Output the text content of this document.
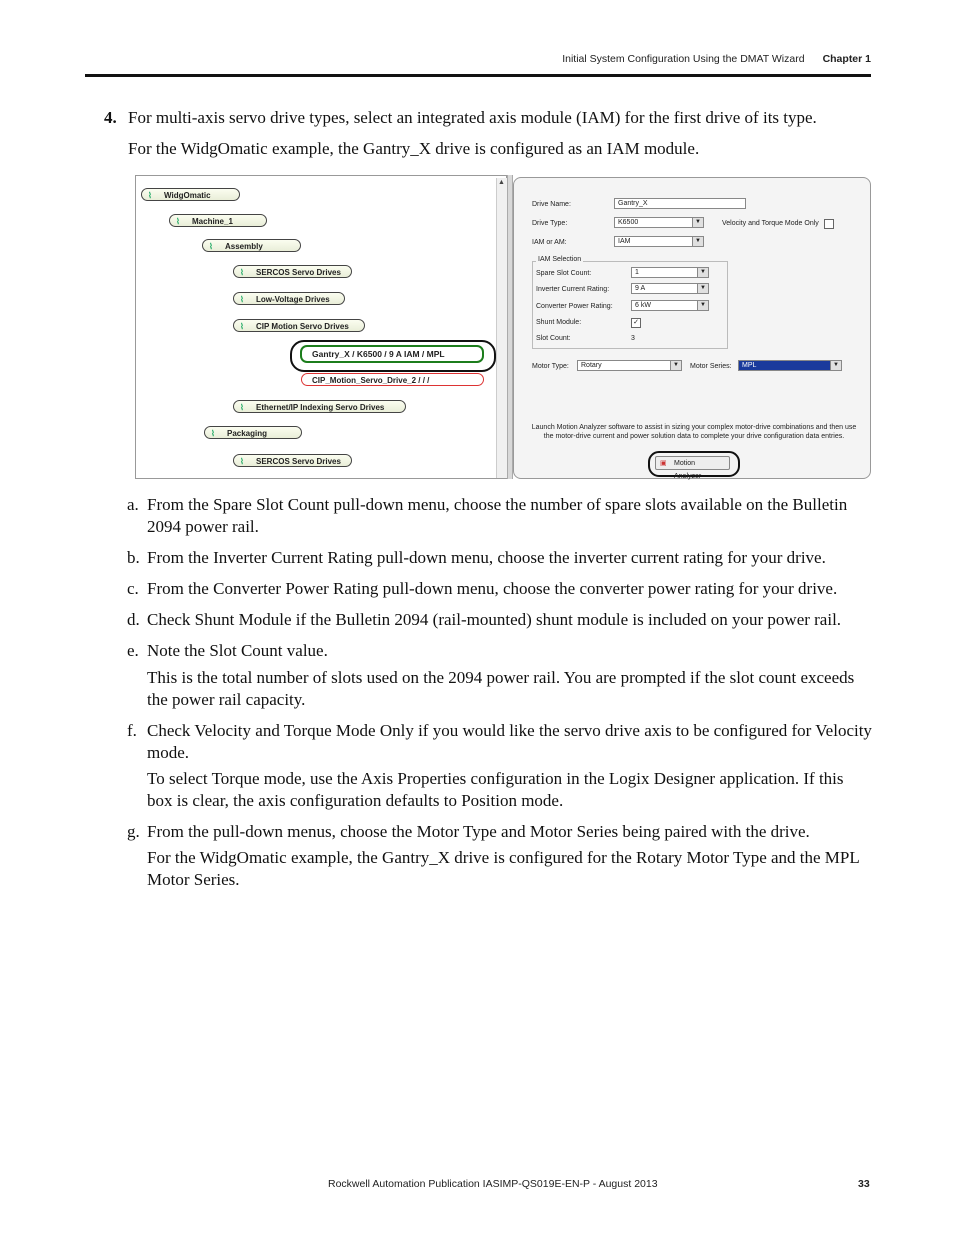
Initial System Configuration Using the DMAT Wizard Chapter 1
4. For multi-axis servo drive types, select an integrated axis module (IAM) for the first drive of its type.
For the WidgOmatic example, the Gantry_X drive is configured as an IAM module.
⌇ WidgOmatic
⌇ Machine_1
⌇ Assembly
⌇ SERCOS Servo Drives
⌇ Low-Voltage Drives
⌇ CIP Motion Servo Drives
Gantry_X / K6500 / 9 A IAM / MPL
CIP_Motion_Servo_Drive_2 / / /
⌇ Ethernet/IP Indexing Servo Drives
⌇ Packaging
⌇ SERCOS Servo Drives
▲
Drive Name:	Gantry_X
Drive Type:	K6500	▼	Velocity and Torque Mode Only
IAM or AM:	IAM	▼
IAM Selection
Spare Slot Count:	1	▼
Inverter Current Rating:	9 A	▼
Converter Power Rating:	6 kW	▼
Shunt Module:	✓
Slot Count:	3
Motor Type:	Rotary	▼ Motor Series:	MPL	▼
Launch Motion Analyzer software to assist in sizing your complex motor-drive combinations and then use the motor-drive current and power solution data to complete your drive configuration data entries.
▣ Motion Analyzer
a. From the Spare Slot Count pull-down menu, choose the number of spare slots available on the Bulletin 2094 power rail.
b. From the Inverter Current Rating pull-down menu, choose the inverter current rating for your drive.
c. From the Converter Power Rating pull-down menu, choose the converter power rating for your drive.
d. Check Shunt Module if the Bulletin 2094 (rail-mounted) shunt module is included on your power rail.
e. Note the Slot Count value.
This is the total number of slots used on the 2094 power rail. You are prompted if the slot count exceeds the power rail capacity.
f. Check Velocity and Torque Mode Only if you would like the servo drive axis to be configured for Velocity mode.
To select Torque mode, use the Axis Properties configuration in the Logix Designer application. If this box is clear, the axis configuration defaults to Position mode.
g. From the pull-down menus, choose the Motor Type and Motor Series being paired with the drive.
For the WidgOmatic example, the Gantry_X drive is configured for the Rotary Motor Type and the MPL Motor Series.
Rockwell Automation Publication IASIMP-QS019E-EN-P - August 2013	33
